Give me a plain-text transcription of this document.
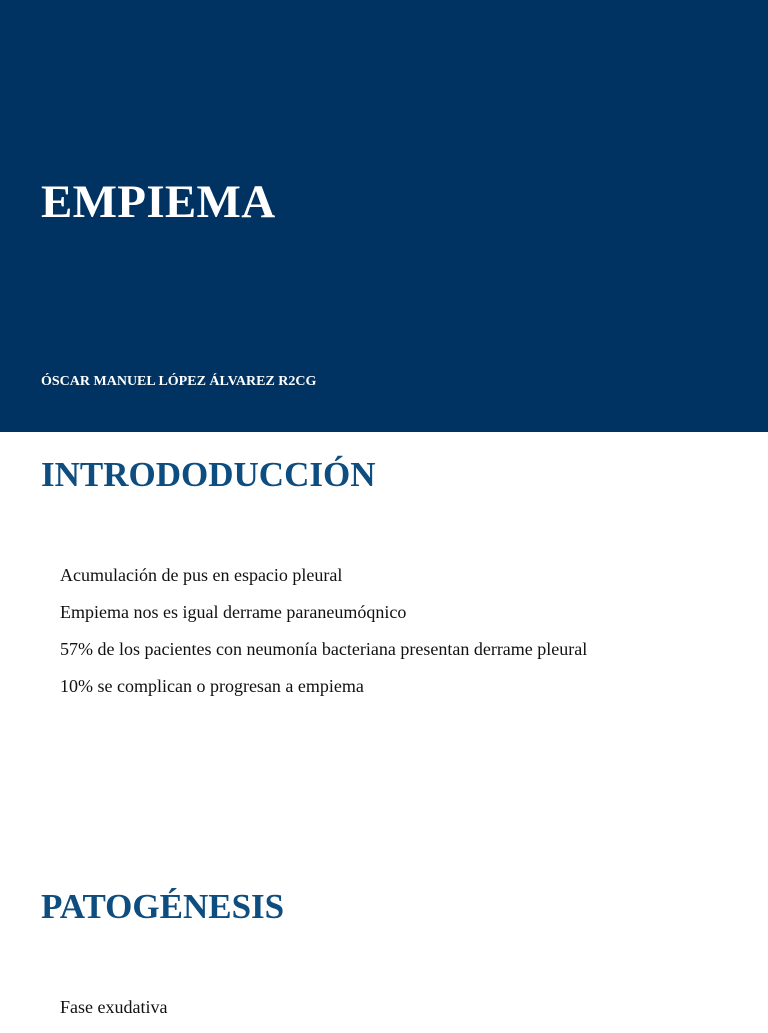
EMPIEMA

ÓSCAR MANUEL LÓPEZ ÁLVAREZ R2CG

INTRODODUCCIÓN
Acumulación de pus en espacio pleural
Empiema nos es igual derrame paraneumóqnico
57% de los pacientes con neumonía bacteriana presentan derrame pleural
10% se complican o progresan a empiema
PATOGÉNESIS
Fase exudativa
